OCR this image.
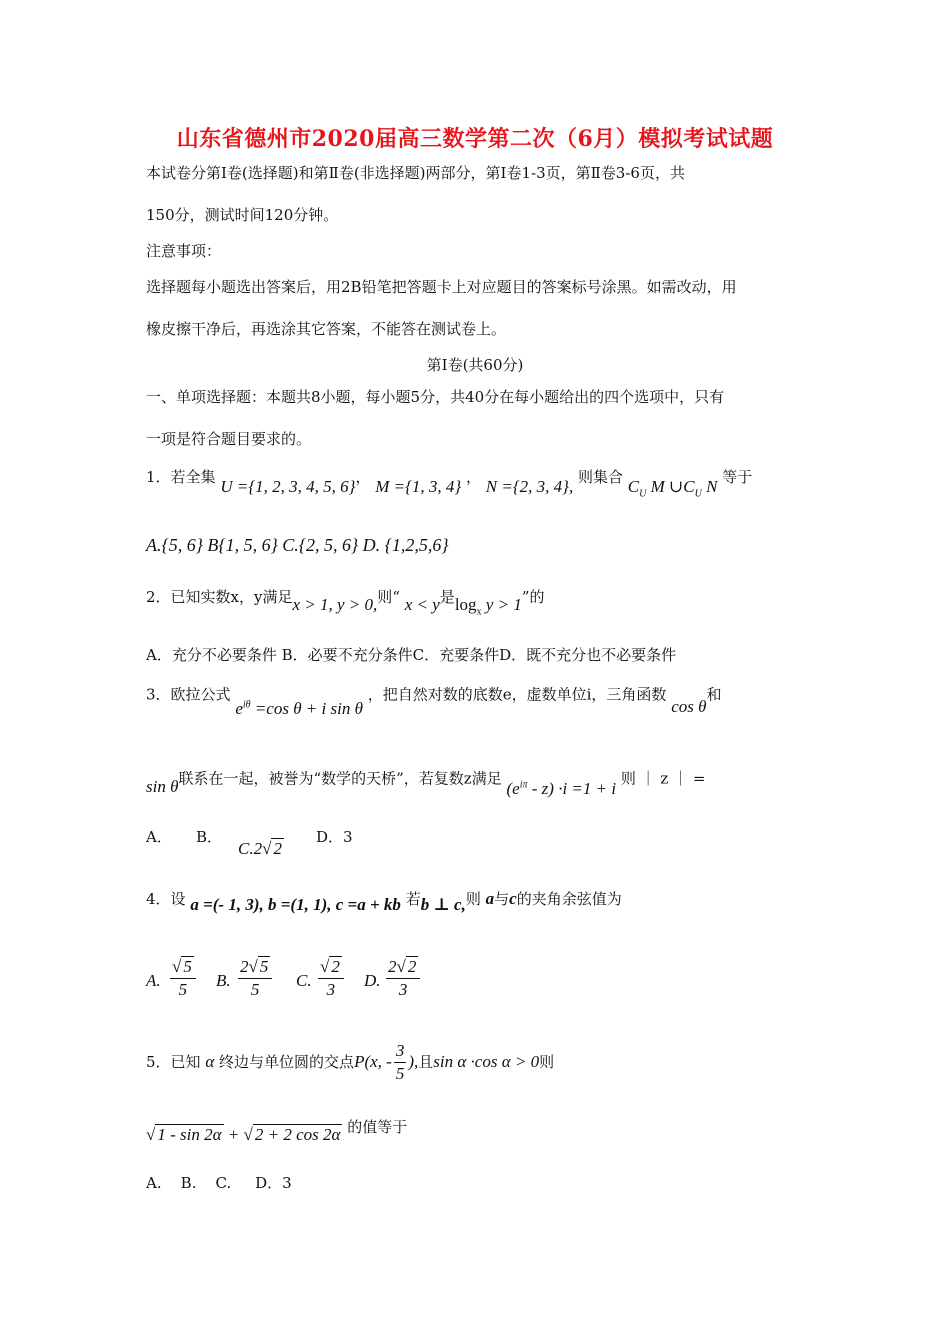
山东省德州市2020届高三数学第二次（6月）模拟考试试题
本试卷分第Ⅰ卷(选择题)和第Ⅱ卷(非选择题)两部分，第Ⅰ卷1-3页，第Ⅱ卷3-6页，共
150分，测试时间120分钟。
注意事项：
选择题每小题选出答案后，用2B铅笔把答题卡上对应题目的答案标号涂黑。如需改动，用
橡皮擦干净后，再选涂其它答案，不能答在测试卷上。
第Ⅰ卷(共60分)
一、单项选择题：本题共8小题，每小题5分，共40分在每小题给出的四个选项中，只有
一项是符合题目要求的。
1．若全集 U ={1, 2, 3, 4, 5, 6}， M ={1, 3, 4} ， N ={2, 3, 4}, 则集合 $C_U$ M $\cup C_U$ N 等于
A.{5, 6} B{1, 5, 6} C.{2, 5, 6} D. {1,2,5,6}
2．已知实数x，y满足x > 1, y > 0,则“ x < y是$\log_x y > 1$”的
A．充分不必要条件 B．必要不充分条件C．充要条件D．既不充分也不必要条件
3．欧拉公式 $e^{i\theta} =\cos$ θ + i sin θ ，把自然对数的底数e，虚数单位i，三角函数 cos θ和
sin θ联系在一起，被誉为“数学的天桥”，若复数z满足 $(e^{i\pi} - z) \cdot i =1 + i$ 则 ｜ z ｜ =
A． B．
C.2√ 2
D．3
4．设 a =(- 1, 3), b =(1, 1), c =a + kb 若b ⊥ c,则 a与c的夹角余弦值为
A. $\frac{√ 5}{5} B$. $\frac{2√ 5}{5} C$. $\frac{√ 2}{3} D$. $\frac{2√ 2}{3}$
5．已知 α 终边与单位圆的交点P(x, - $\frac{3}{5}$ ),且sin α ·cos α > 0则
√ 1 - sin 2α + √ 2 + 2 cos 2α 的值等于
A.    B.    C.     D．3
